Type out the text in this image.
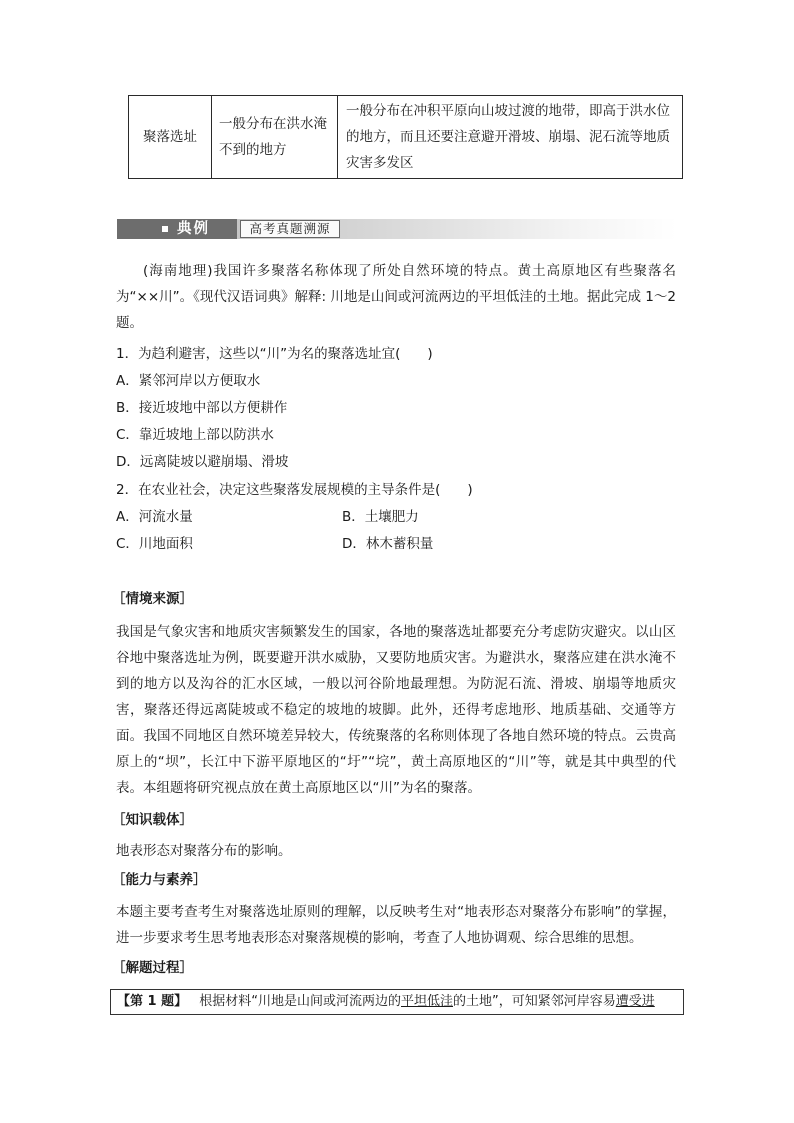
聚落选址	一般分布在洪水淹不到的地方	一般分布在冲积平原向山坡过渡的地带，即高于洪水位的地方，而且还要注意避开滑坡、崩塌、泥石流等地质灾害多发区
典例	高考真题溯源
(海南地理)我国许多聚落名称体现了所处自然环境的特点。黄土高原地区有些聚落名为“××川”。《现代汉语词典》解释: 川地是山间或河流两边的平坦低洼的土地。据此完成 1～2题。
1．为趋利避害，这些以“川”为名的聚落选址宜(　　)
A．紧邻河岸以方便取水
B．接近坡地中部以方便耕作
C．靠近坡地上部以防洪水
D．远离陡坡以避崩塌、滑坡
2．在农业社会，决定这些聚落发展规模的主导条件是(　　)
A．河流水量	B．土壤肥力
C．川地面积	D．林木蓄积量
［情境来源］
我国是气象灾害和地质灾害频繁发生的国家，各地的聚落选址都要充分考虑防灾避灾。以山区谷地中聚落选址为例，既要避开洪水威胁，又要防地质灾害。为避洪水，聚落应建在洪水淹不到的地方以及沟谷的汇水区域，一般以河谷阶地最理想。为防泥石流、滑坡、崩塌等地质灾害，聚落还得远离陡坡或不稳定的坡地的坡脚。此外，还得考虑地形、地质基础、交通等方面。我国不同地区自然环境差异较大，传统聚落的名称则体现了各地自然环境的特点。云贵高原上的“坝”，长江中下游平原地区的“圩”“垸”，黄土高原地区的“川”等，就是其中典型的代表。本组题将研究视点放在黄土高原地区以“川”为名的聚落。
［知识载体］
地表形态对聚落分布的影响。
［能力与素养］
本题主要考查考生对聚落选址原则的理解，以反映考生对“地表形态对聚落分布影响”的掌握，进一步要求考生思考地表形态对聚落规模的影响，考查了人地协调观、综合思维的思想。
［解题过程］
【第 1 题】 根据材料“川地是山间或河流两边的平坦低洼的土地”，可知紧邻河岸容易遭受进
